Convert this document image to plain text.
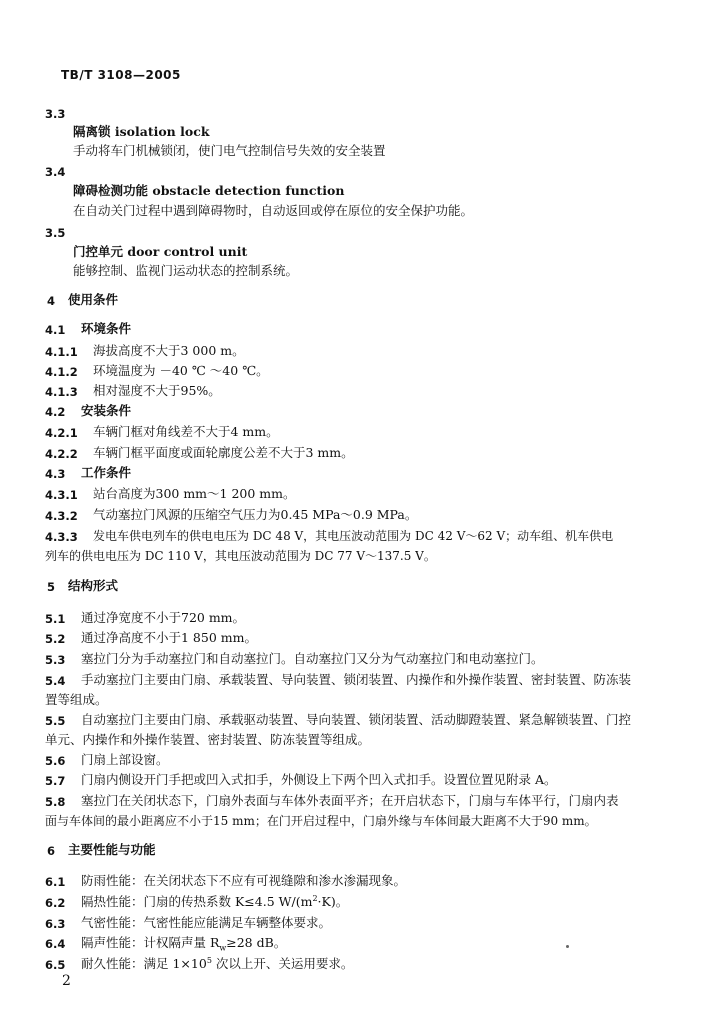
TB/T 3108—2005
3.3
隔离锁 isolation lock
手动将车门机械锁闭，使门电气控制信号失效的安全装置
3.4
障碍检测功能 obstacle detection function
在自动关门过程中遇到障碍物时，自动返回或停在原位的安全保护功能。
3.5
门控单元 door control unit
能够控制、监视门运动状态的控制系统。
4 使用条件
4.1 环境条件
4.1.1 海拔高度不大于3 000 m。
4.1.2 环境温度为 －40 ℃ ～40 ℃。
4.1.3 相对湿度不大于95%。
4.2 安装条件
4.2.1 车辆门框对角线差不大于4 mm。
4.2.2 车辆门框平面度或面轮廓度公差不大于3 mm。
4.3 工作条件
4.3.1 站台高度为300 mm～1 200 mm。
4.3.2 气动塞拉门风源的压缩空气压力为0.45 MPa～0.9 MPa。
4.3.3 发电车供电列车的供电电压为 DC 48 V，其电压波动范围为 DC 42 V～62 V；动车组、机车供电
列车的供电电压为 DC 110 V，其电压波动范围为 DC 77 V～137.5 V。
5 结构形式
5.1 通过净宽度不小于720 mm。
5.2 通过净高度不小于1 850 mm。
5.3 塞拉门分为手动塞拉门和自动塞拉门。自动塞拉门又分为气动塞拉门和电动塞拉门。
5.4 手动塞拉门主要由门扇、承载装置、导向装置、锁闭装置、内操作和外操作装置、密封装置、防冻装
置等组成。
5.5 自动塞拉门主要由门扇、承载驱动装置、导向装置、锁闭装置、活动脚蹬装置、紧急解锁装置、门控
单元、内操作和外操作装置、密封装置、防冻装置等组成。
5.6 门扇上部设窗。
5.7 门扇内侧设开门手把或凹入式扣手，外侧设上下两个凹入式扣手。设置位置见附录 A。
5.8 塞拉门在关闭状态下，门扇外表面与车体外表面平齐；在开启状态下，门扇与车体平行，门扇内表
面与车体间的最小距离应不小于15 mm；在门开启过程中，门扇外缘与车体间最大距离不大于90 mm。
6 主要性能与功能
6.1 防雨性能：在关闭状态下不应有可视缝隙和渗水渗漏现象。
6.2 隔热性能：门扇的传热系数 K≤4.5 $W/(m^2\cdot K)$。
6.3 气密性能：气密性能应能满足车辆整体要求。
6.4 隔声性能：计权隔声量 $R_w\ge 28$ dB。
6.5 耐久性能：满足 $1\times 10^5$ 次以上开、关运用要求。
2
